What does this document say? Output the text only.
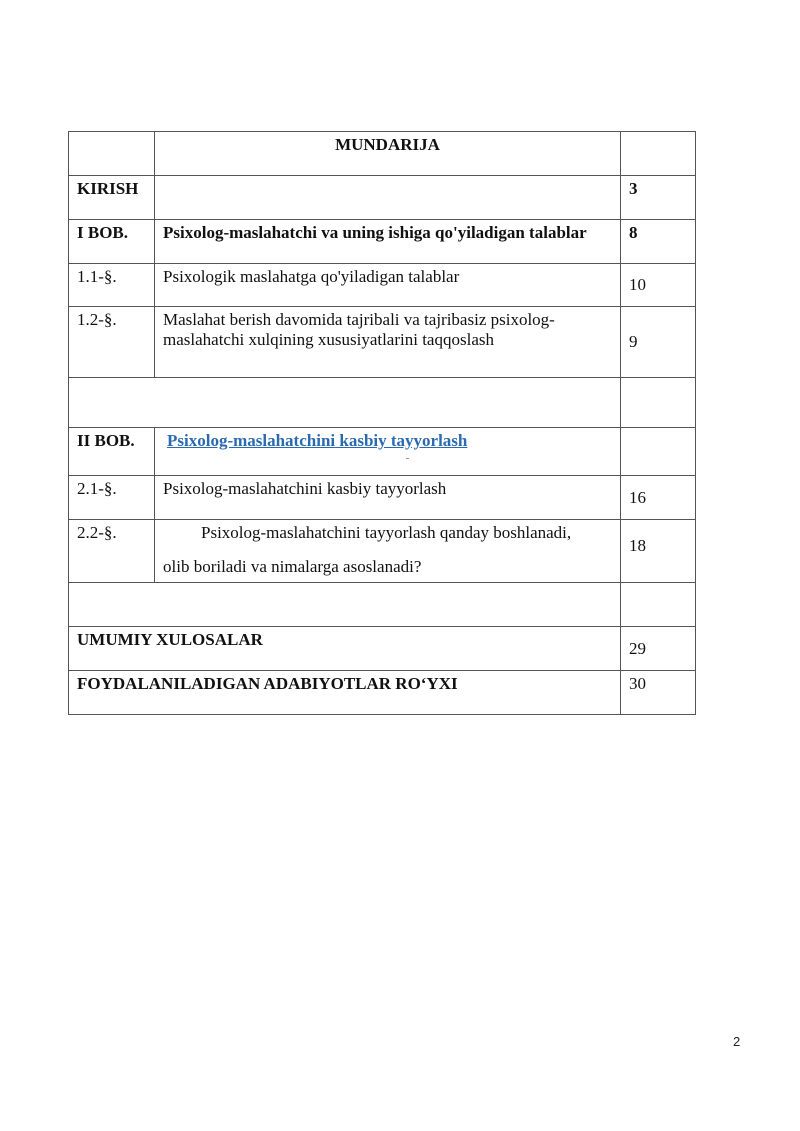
	MUNDARIJA	
KIRISH		3
I BOB.	Psixolog-maslahatchi va uning ishiga qo'yiladigan talablar	8
1.1-§.	Psixologik maslahatga qo'yiladigan talablar	10
1.2-§.	Maslahat berish davomida tajribali va tajribasiz psixolog-maslahatchi xulqining xususiyatlarini taqqoslash	9

II BOB.	Psixolog-maslahatchini kasbiy tayyorlash
-	

2.1-§.	Psixolog-maslahatchini kasbiy tayyorlash	16
2.2-§.	Psixolog-maslahatchini tayyorlash qanday boshlanadi,
olib boriladi va nimalarga asoslanadi?	18

UMUMIY XULOSALAR		29
FOYDALANILADIGAN ADABIYOTLAR RO‘YXI		30
2
